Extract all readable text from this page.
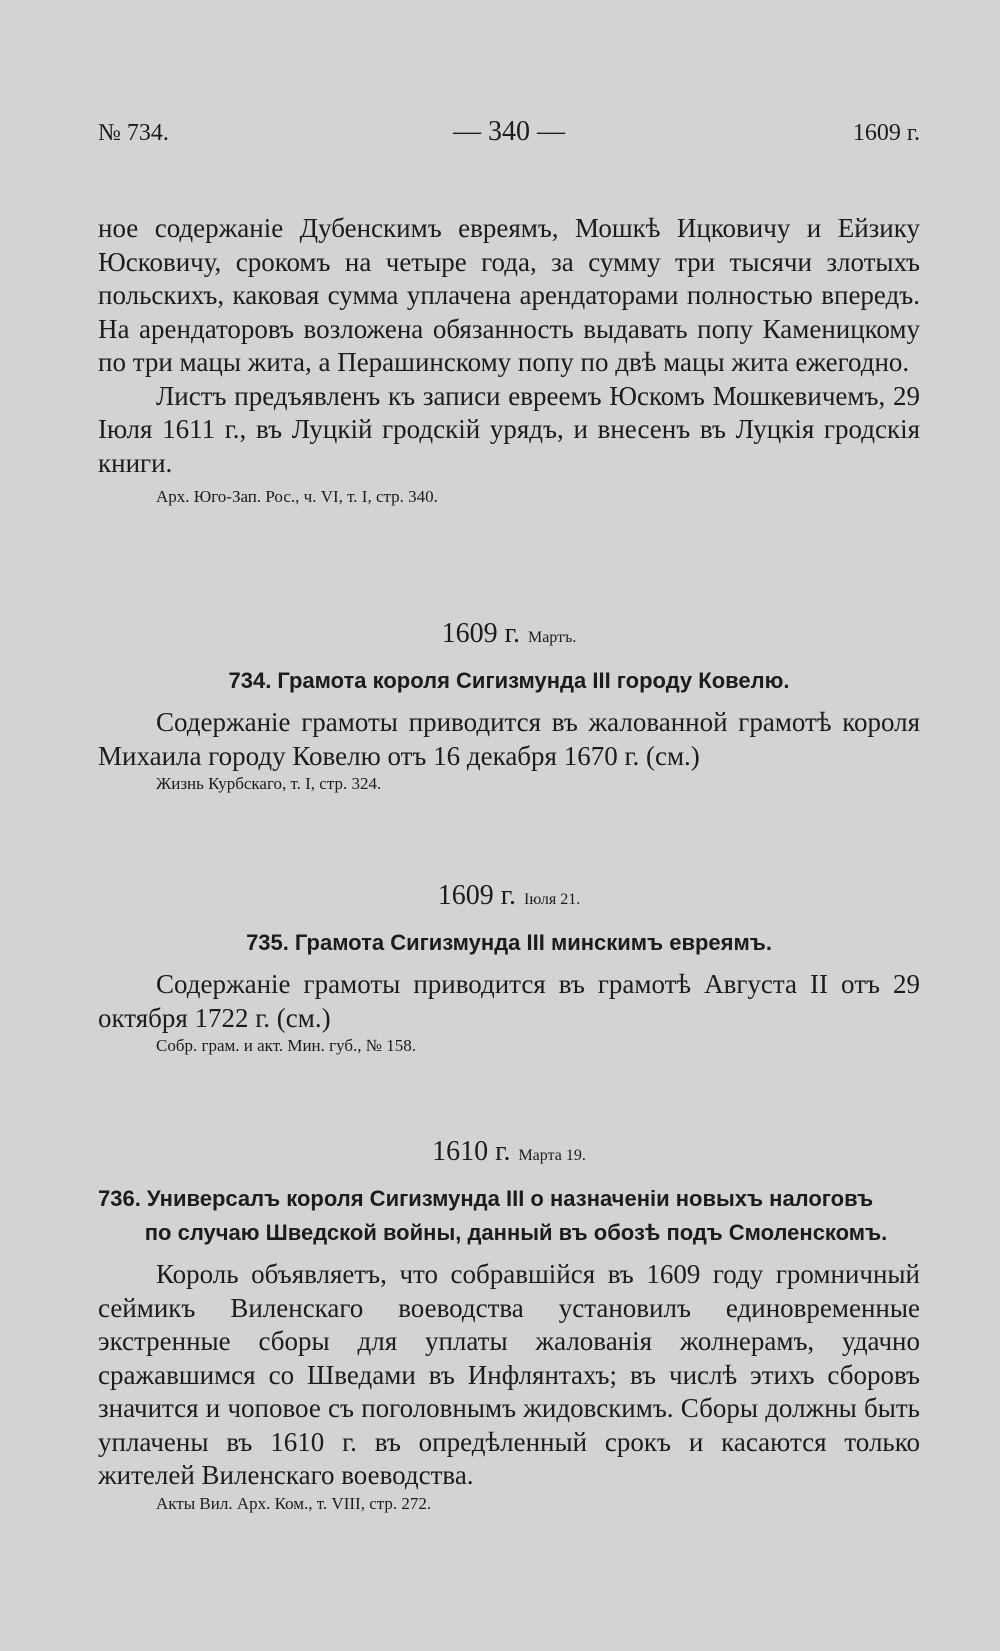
№ 734.	— 340 —	1609 г.

ное содержанiе Дубенскимъ евреямъ, Мошкѣ Ицковичу и Ейзику Юсковичу, срокомъ на четыре года, за сумму три тысячи злотыхъ польскихъ, каковая сумма уплачена арендаторами полностью впередъ. На арендаторовъ возложена обязанность выдавать попу Каменицкому по три мацы жита, а Перашинскому попу по двѣ мацы жита ежегодно.

Листъ предъявленъ къ записи евреемъ Юскомъ Мошкевичемъ, 29 Iюля 1611 г., въ Луцкiй гродскiй урядъ, и внесенъ въ Луцкiя гродскiя книги.

Арх. Юго-Зап. Рос., ч. VI, т. I, стр. 340.

1609 г. Мартъ.
734. Грамота короля Сигизмунда III городу Ковелю.

Содержанiе грамоты приводится въ жалованной грамотѣ короля Михаила городу Ковелю отъ 16 декабря 1670 г. (см.)

Жизнь Курбскаго, т. I, стр. 324.

1609 г. Iюля 21.
735. Грамота Сигизмунда III минскимъ евреямъ.

Содержанiе грамоты приводится въ грамотѣ Августа II отъ 29 октября 1722 г. (см.)

Собр. грам. и акт. Мин. губ., № 158.

1610 г. Марта 19.
736. Универсалъ короля Сигизмунда III о назначенiи новыхъ налоговъ
по случаю Шведской войны, данный въ обозѣ подъ Смоленскомъ.

Король объявляетъ, что собравшiйся въ 1609 году громничный сеймикъ Виленскаго воеводства установилъ единовременные экстренные сборы для уплаты жалованiя жолнерамъ, удачно сражавшимся со Шведами въ Инфлянтахъ; въ числѣ этихъ сборовъ значится и чоповое съ поголовнымъ жидовскимъ. Сборы должны быть уплачены въ 1610 г. въ опредѣленный срокъ и касаются только жителей Виленскаго воеводства.

Акты Вил. Арх. Ком., т. VIII, стр. 272.
